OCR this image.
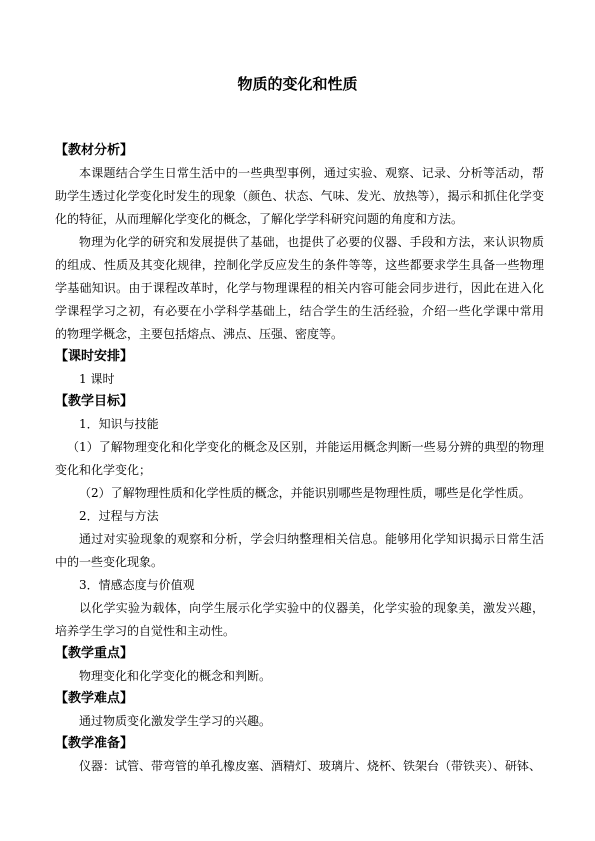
物质的变化和性质
【教材分析】

本课题结合学生日常生活中的一些典型事例，通过实验、观察、记录、分析等活动，帮助学生透过化学变化时发生的现象（颜色、状态、气味、发光、放热等），揭示和抓住化学变化的特征，从而理解化学变化的概念，了解化学学科研究问题的角度和方法。

物理为化学的研究和发展提供了基础，也提供了必要的仪器、手段和方法，来认识物质的组成、性质及其变化规律，控制化学反应发生的条件等等，这些都要求学生具备一些物理学基础知识。由于课程改革时，化学与物理课程的相关内容可能会同步进行，因此在进入化学课程学习之初，有必要在小学科学基础上，结合学生的生活经验，介绍一些化学课中常用的物理学概念，主要包括熔点、沸点、压强、密度等。

【课时安排】

1 课时

【教学目标】

1．知识与技能

（1）了解物理变化和化学变化的概念及区别，并能运用概念判断一些易分辨的典型的物理变化和化学变化；

（2）了解物理性质和化学性质的概念，并能识别哪些是物理性质，哪些是化学性质。

2．过程与方法

通过对实验现象的观察和分析，学会归纳整理相关信息。能够用化学知识揭示日常生活中的一些变化现象。

3．情感态度与价值观

以化学实验为载体，向学生展示化学实验中的仪器美，化学实验的现象美，激发兴趣，培养学生学习的自觉性和主动性。

【教学重点】

物理变化和化学变化的概念和判断。

【教学难点】

通过物质变化激发学生学习的兴趣。

【教学准备】

仪器：试管、带弯管的单孔橡皮塞、酒精灯、玻璃片、烧杯、铁架台（带铁夹）、研钵、
